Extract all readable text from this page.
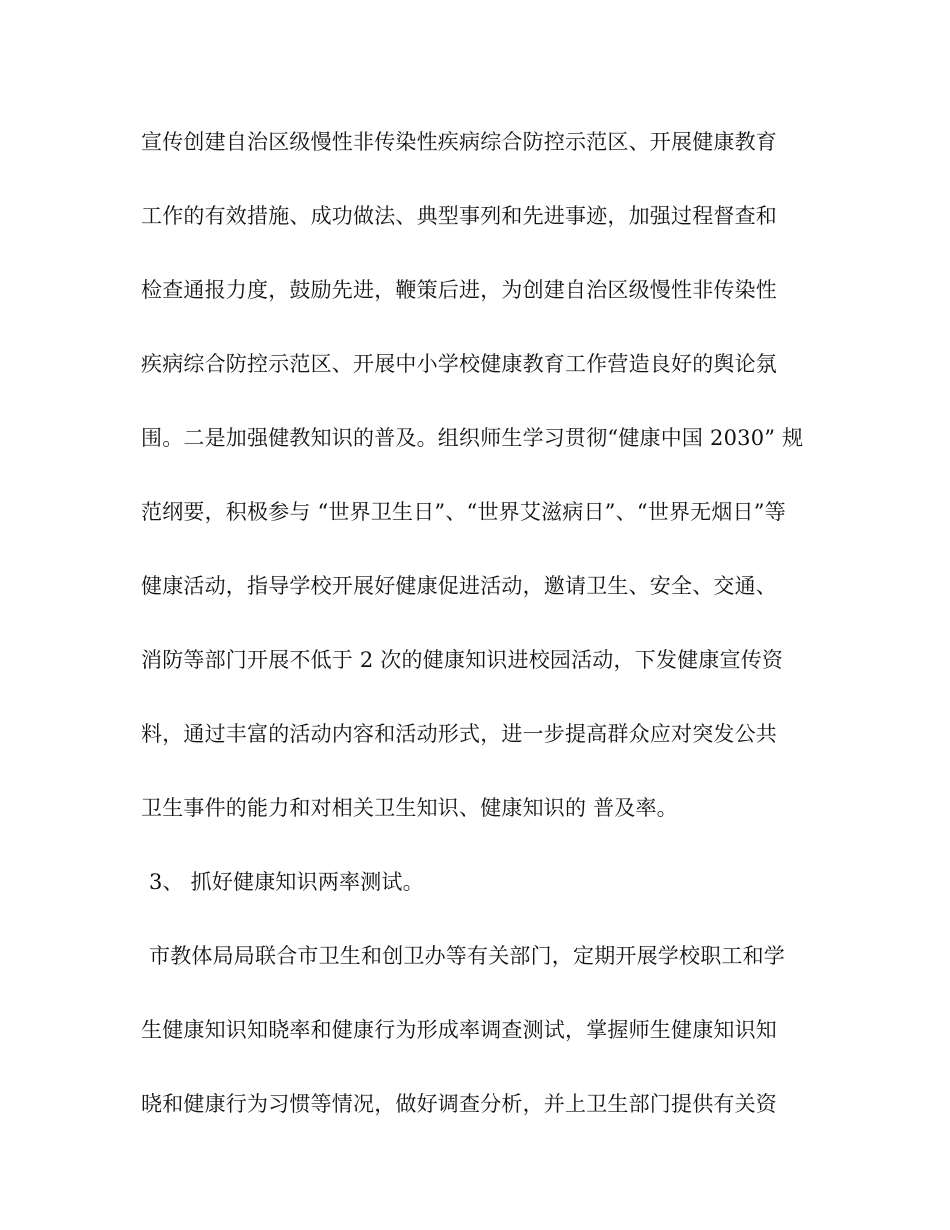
宣传创建自治区级慢性非传染性疾病综合防控示范区、开展健康教育
工作的有效措施、成功做法、典型事列和先进事迹，加强过程督查和
检查通报力度，鼓励先进，鞭策后进，为创建自治区级慢性非传染性
疾病综合防控示范区、开展中小学校健康教育工作营造良好的舆论氛
围。二是加强健教知识的普及。组织师生学习贯彻“健康中国 2030” 规
范纲要，积极参与 “世界卫生日”、“世界艾滋病日”、“世界无烟日”等
健康活动，指导学校开展好健康促进活动，邀请卫生、安全、交通、
消防等部门开展不低于 2 次的健康知识进校园活动，下发健康宣传资
料，通过丰富的活动内容和活动形式，进一步提高群众应对突发公共
卫生事件的能力和对相关卫生知识、健康知识的 普及率。
3、 抓好健康知识两率测试。
市教体局局联合市卫生和创卫办等有关部门，定期开展学校职工和学
生健康知识知晓率和健康行为形成率调查测试，掌握师生健康知识知
晓和健康行为习惯等情况，做好调查分析，并上卫生部门提供有关资
